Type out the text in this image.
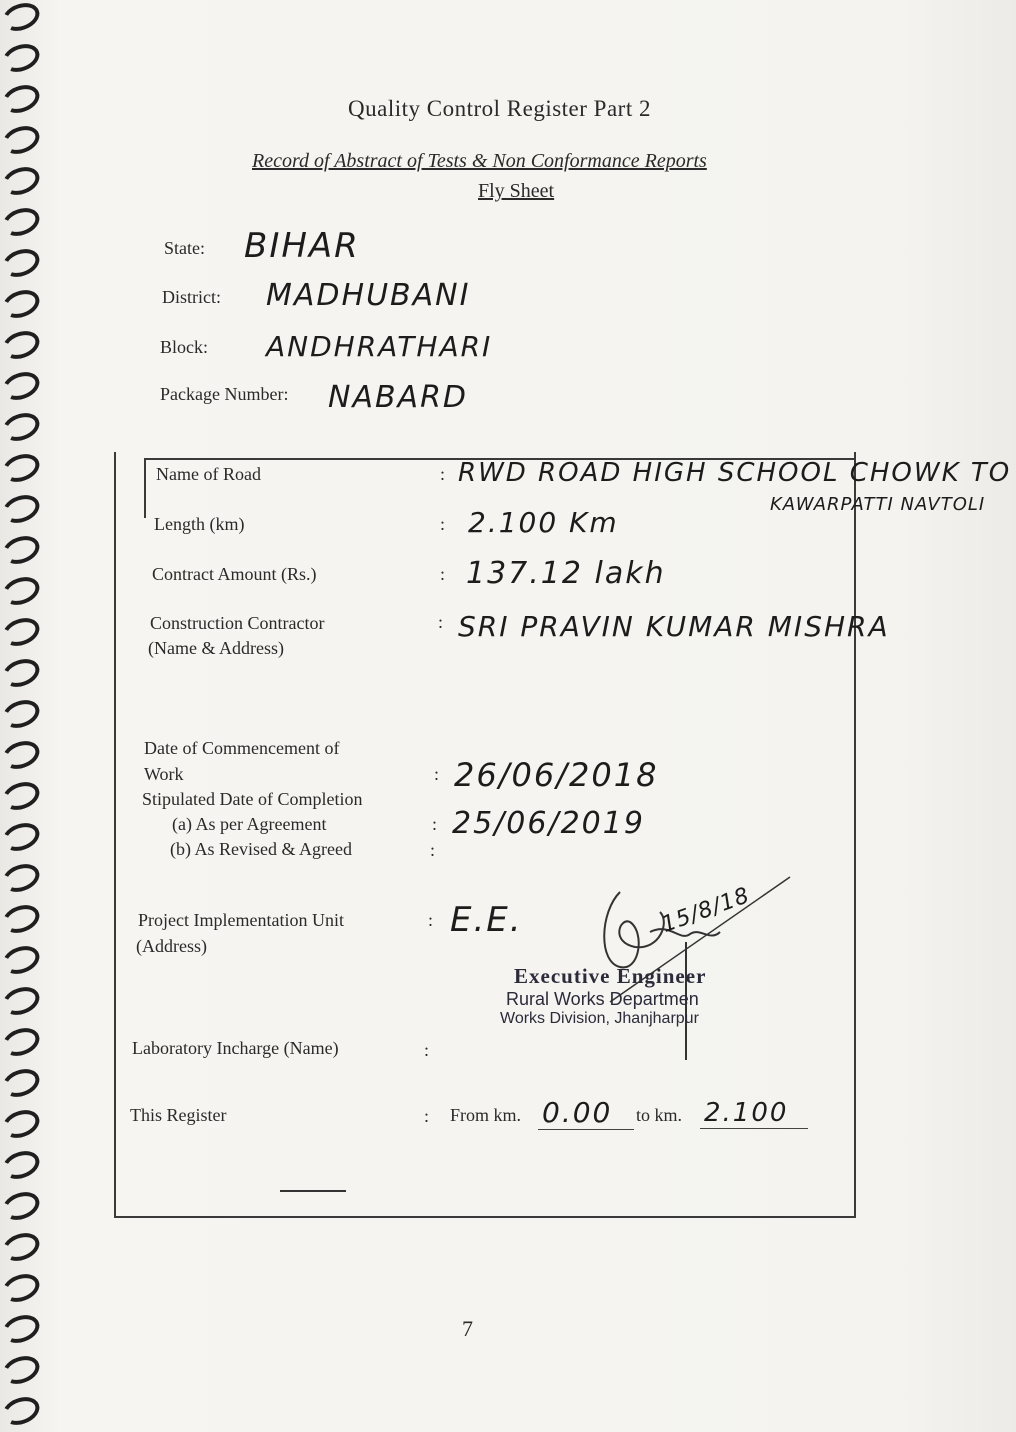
Quality Control Register Part 2
Record of Abstract of Tests & Non Conformance Reports
Fly Sheet
State: BIHAR
District: MADHUBANI
Block: ANDHRATHARI
Package Number: NABARD
Name of Road	: RWD ROAD HIGH SCHOOL CHOWK TO
KAWARPATTI NAVTOLI
Length (km)	: 2.100 Km
Contract Amount (Rs.)	: 137.12 lakh
Construction Contractor
(Name & Address)
: SRI PRAVIN KUMAR MISHRA
Date of Commencement of
Work	: 26/06/2018
Stipulated Date of Completion
(a) As per Agreement	: 25/06/2019
(b) As Revised & Agreed	:
Project Implementation Unit
(Address)
: E.E.	15/8/18
Executive Engineer
Rural Works Departmen
Works Division, Jhanjharpur
Laboratory Incharge (Name)	:
This Register	: From km. 0.00	to km. 2.100
7
